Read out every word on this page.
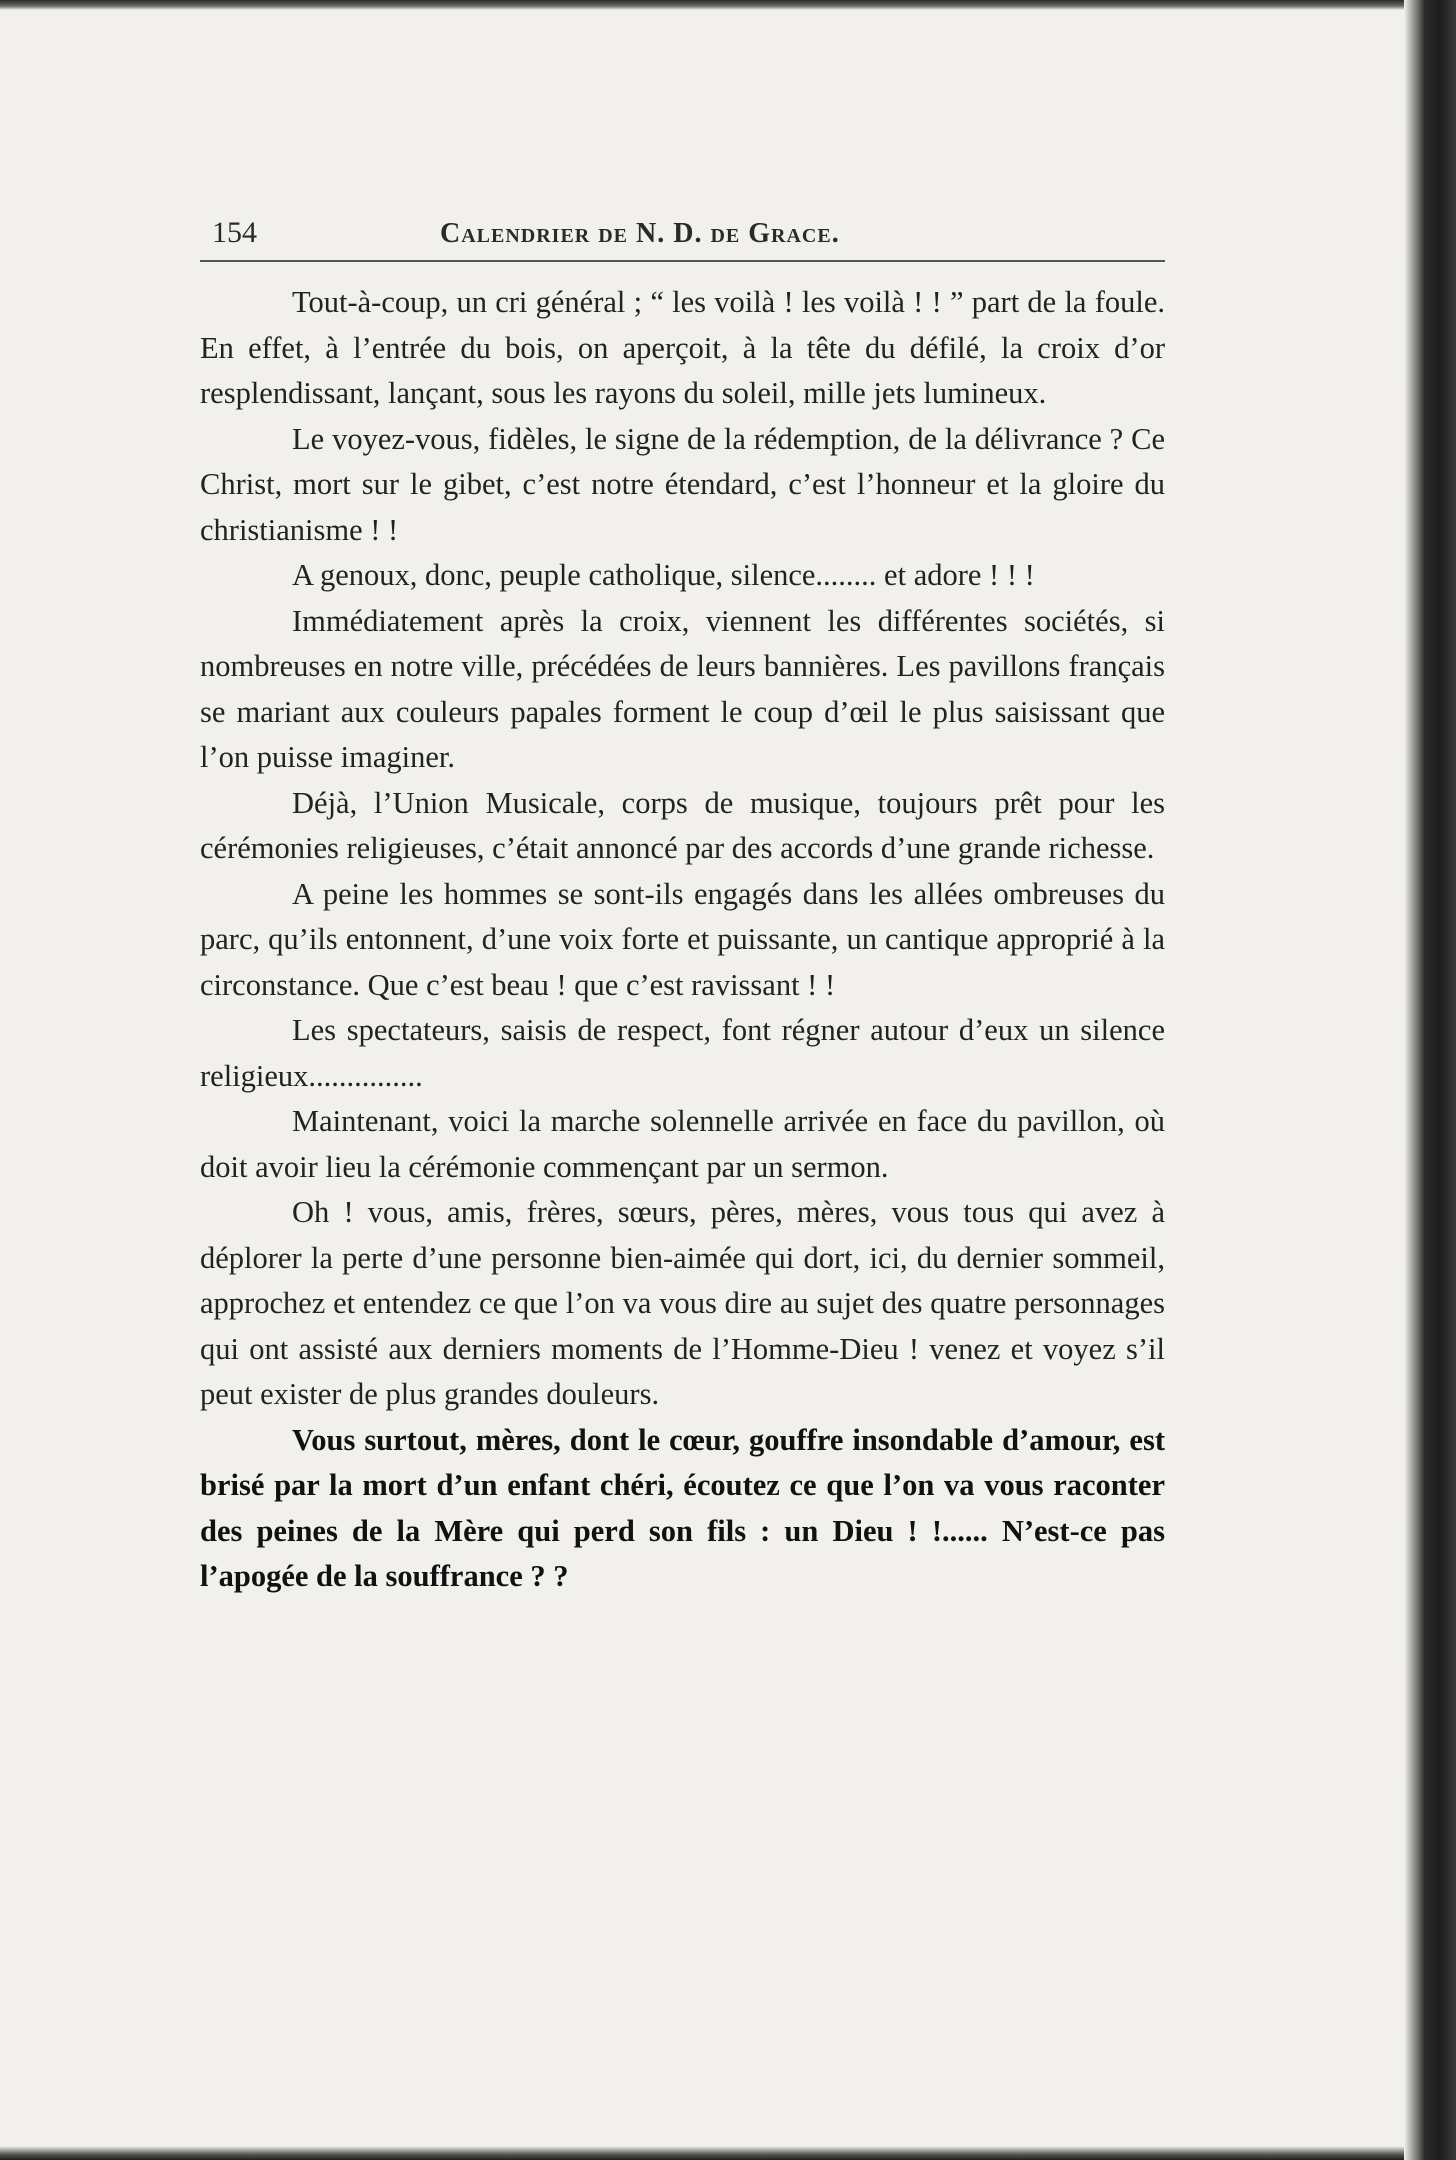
154	Calendrier de N. D. de Grace.

Tout-à-coup, un cri général ; “ les voilà ! les voilà ! ! ” part de la foule. En effet, à l’entrée du bois, on aperçoit, à la tête du défilé, la croix d’or resplendissant, lançant, sous les rayons du soleil, mille jets lumineux.

Le voyez-vous, fidèles, le signe de la rédemption, de la délivrance ? Ce Christ, mort sur le gibet, c’est notre étendard, c’est l’honneur et la gloire du christianisme ! !

A genoux, donc, peuple catholique, silence........ et adore ! ! !

Immédiatement après la croix, viennent les différentes sociétés, si nombreuses en notre ville, précédées de leurs bannières. Les pavillons français se mariant aux couleurs papales forment le coup d’œil le plus saisissant que l’on puisse imaginer.

Déjà, l’Union Musicale, corps de musique, toujours prêt pour les cérémonies religieuses, c’était annoncé par des accords d’une grande richesse.

A peine les hommes se sont-ils engagés dans les allées ombreuses du parc, qu’ils entonnent, d’une voix forte et puissante, un cantique approprié à la circonstance. Que c’est beau ! que c’est ravissant ! !

Les spectateurs, saisis de respect, font régner autour d’eux un silence religieux...............

Maintenant, voici la marche solennelle arrivée en face du pavillon, où doit avoir lieu la cérémonie commençant par un sermon.

Oh ! vous, amis, frères, sœurs, pères, mères, vous tous qui avez à déplorer la perte d’une personne bien-aimée qui dort, ici, du dernier sommeil, approchez et entendez ce que l’on va vous dire au sujet des quatre personnages qui ont assisté aux derniers moments de l’Homme-Dieu ! venez et voyez s’il peut exister de plus grandes douleurs.

Vous surtout, mères, dont le cœur, gouffre insondable d’amour, est brisé par la mort d’un enfant chéri, écoutez ce que l’on va vous raconter des peines de la Mère qui perd son fils : un Dieu ! !...... N’est-ce pas l’apogée de la souffrance ? ?
